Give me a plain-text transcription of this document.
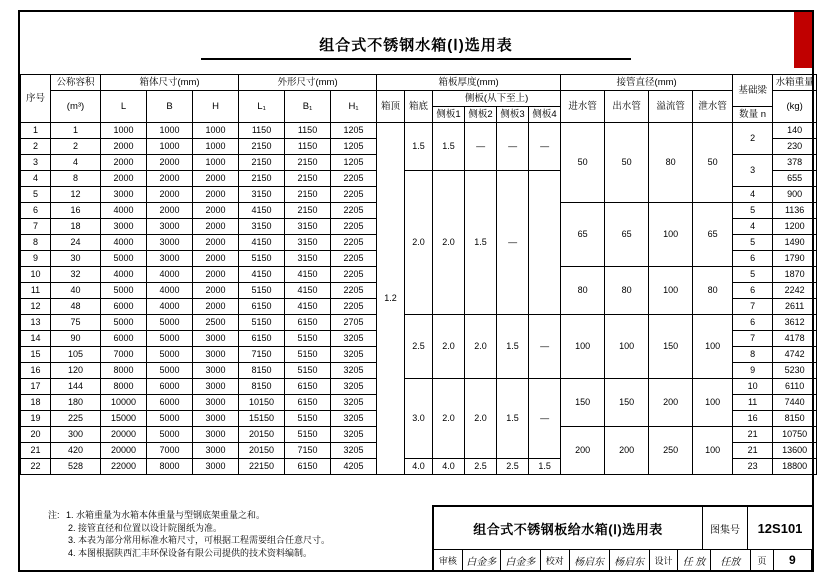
组合式不锈钢水箱(Ⅰ)选用表
序号	公称容积	箱体尺寸(mm)			外形尺寸(mm)			箱板厚度(mm)						接管直径(mm)				基础梁	水箱重量
	(m³)	L	B	H	L₁	B₁	H₁	箱顶	箱底	侧板(从下至上)				进水管	出水管	溢流管	泄水管		(kg)
										侧板1	侧板2	侧板3	侧板4					数量 n	
1	1	1000	1000	1000	1150	1150	1205	1.2	1.5	1.5	—	—	—	50	50	80	50	2	140
2	2	2000	1000	1000	2150	1150	1205												230
3	4	2000	2000	1000	2150	2150	1205											3	378
4	8	2000	2000	2000	2150	2150	2205		2.0	2.0	1.5	—							655
5	12	3000	2000	2000	3150	2150	2205											4	900
6	16	4000	2000	2000	4150	2150	2205							65	65	100	65	5	1136
7	18	3000	3000	2000	3150	3150	2205											4	1200
8	24	4000	3000	2000	4150	3150	2205											5	1490
9	30	5000	3000	2000	5150	3150	2205											6	1790
10	32	4000	4000	2000	4150	4150	2205							80	80	100	80	5	1870
11	40	5000	4000	2000	5150	4150	2205											6	2242
12	48	6000	4000	2000	6150	4150	2205											7	2611
13	75	5000	5000	2500	5150	6150	2705		2.5	2.0	2.0	1.5	—	100	100	150	100	6	3612
14	90	6000	5000	3000	6150	5150	3205											7	4178
15	105	7000	5000	3000	7150	5150	3205											8	4742
16	120	8000	5000	3000	8150	5150	3205											9	5230
17	144	8000	6000	3000	8150	6150	3205		3.0	2.0	2.0	1.5	—	150	150	200	100	10	6110
18	180	10000	6000	3000	10150	6150	3205											11	7440
19	225	15000	5000	3000	15150	5150	3205											16	8150
20	300	20000	5000	3000	20150	5150	3205							200	200	250	100	21	10750
21	420	20000	7000	3000	20150	7150	3205											21	13600
22	528	22000	8000	3000	22150	6150	4205		4.0	4.0	2.5	2.5	1.5					23	18800
注: 1. 水箱重量为水箱本体重量与型钢底架重量之和。
2. 接管直径和位置以设计院图纸为准。
3. 本表为部分常用标准水箱尺寸，可根据工程需要组合任意尺寸。
4. 本图根据陕西汇丰环保设备有限公司提供的技术资料编制。
组合式不锈钢板给水箱(Ⅰ)选用表	图集号	12S101
审核 白金多 白金多	校对	杨启东	杨启东	设计	任 放	任放	页	9
